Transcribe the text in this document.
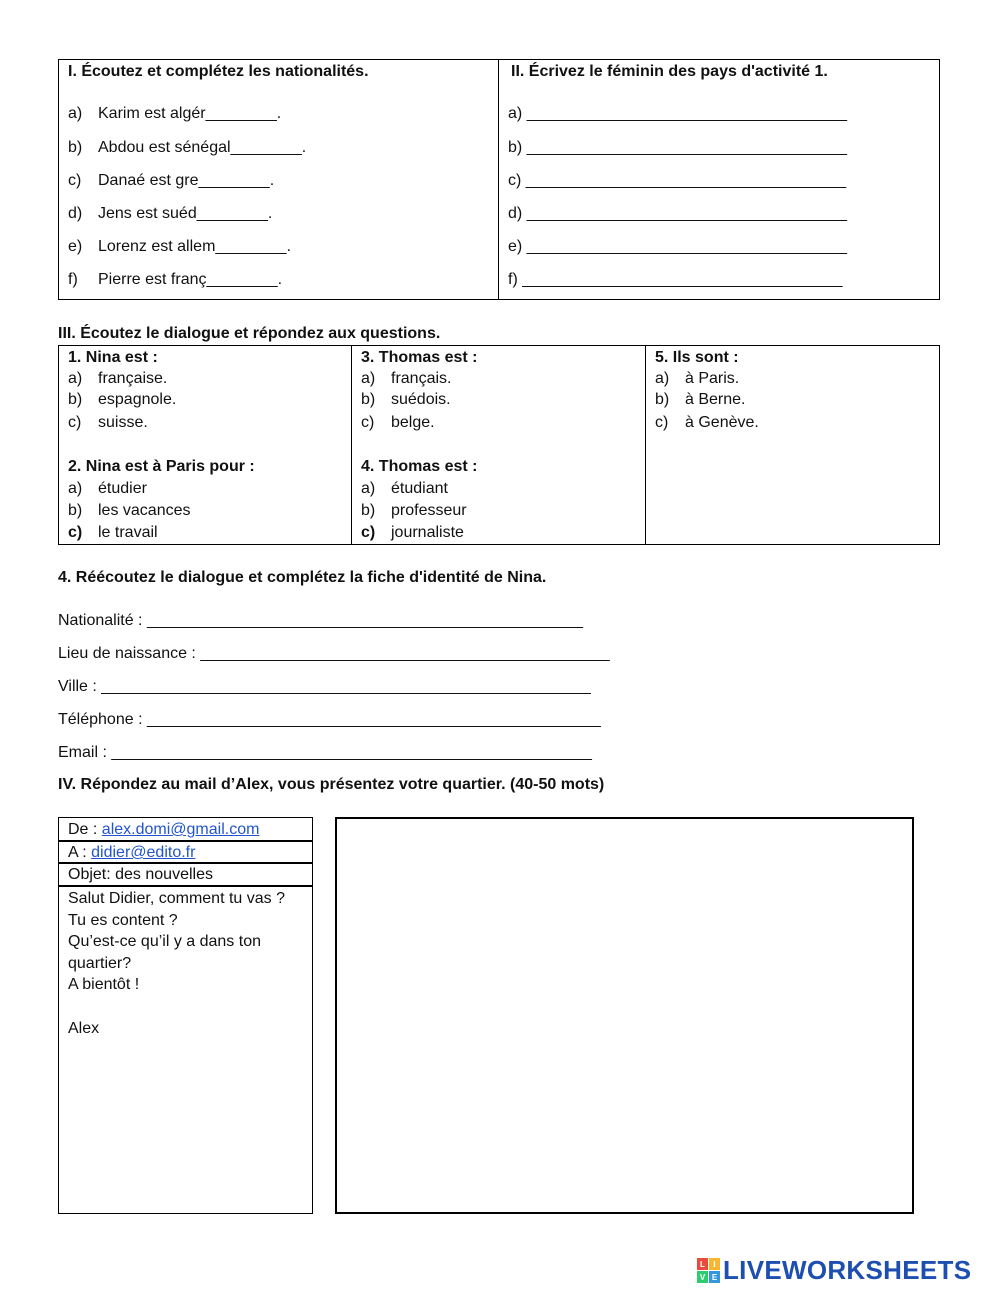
I. Écoutez et complétez les nationalités.	II. Écrivez le féminin des pays d'activité 1.
a) Karim est algér________.
b) Abdou est sénégal________.
c) Danaé est gre________.
d) Jens est suéd________.
e) Lorenz est allem________.
f) Pierre est franç________.
a) ____________________________________
b) ____________________________________
c) ____________________________________
d) ____________________________________
e) ____________________________________
f) ____________________________________
III. Écoutez le dialogue et répondez aux questions.
1. Nina est :
a) française.
b) espagnole.
c) suisse.
2. Nina est à Paris pour :
a) étudier
b) les vacances
c) le travail
3. Thomas est :
a) français.
b) suédois.
c) belge.
4. Thomas est :
a) étudiant
b) professeur
c) journaliste
5. Ils sont :
a) à Paris.
b) à Berne.
c) à Genève.
4. Réécoutez le dialogue et complétez la fiche d'identité de Nina.
Nationalité : _________________________________________________
Lieu de naissance : ______________________________________________
Ville : _______________________________________________________
Téléphone : ___________________________________________________
Email : ______________________________________________________
IV. Répondez au mail d’Alex, vous présentez votre quartier. (40-50 mots)
De : alex.domi@gmail.com
A : didier@edito.fr
Objet: des nouvelles
Salut Didier, comment tu vas ?
Tu es content ?
Qu’est-ce qu’il y a dans ton
quartier?
A bientôt !
Alex
L I
V E LIVEWORKSHEETS
